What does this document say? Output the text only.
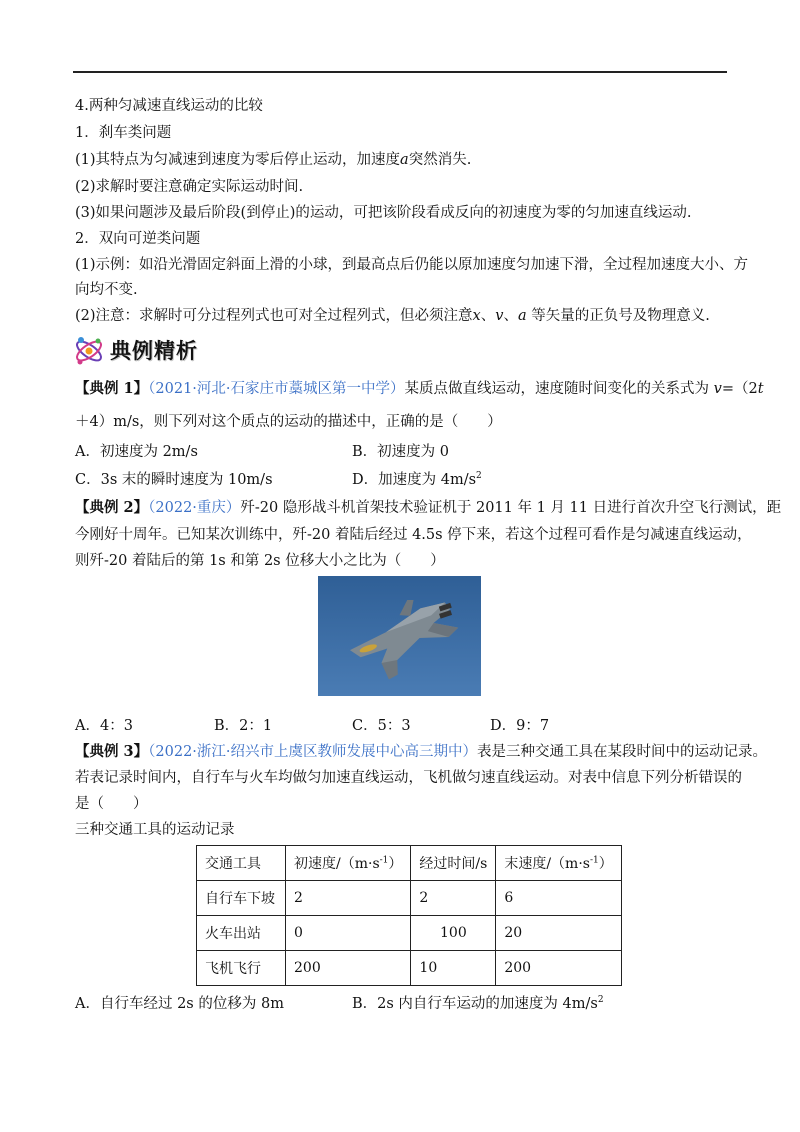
4.两种匀减速直线运动的比较
1．刹车类问题
(1)其特点为匀减速到速度为零后停止运动，加速度a突然消失.
(2)求解时要注意确定实际运动时间.
(3)如果问题涉及最后阶段(到停止)的运动，可把该阶段看成反向的初速度为零的匀加速直线运动.
2．双向可逆类问题
(1)示例：如沿光滑固定斜面上滑的小球，到最高点后仍能以原加速度匀加速下滑，全过程加速度大小、方
向均不变.
(2)注意：求解时可分过程列式也可对全过程列式，但必须注意x、v、a 等矢量的正负号及物理意义.
典例精析
【典例 1】（2021·河北·石家庄市藁城区第一中学）某质点做直线运动，速度随时间变化的关系式为 v=（2t
＋4）m/s，则下列对这个质点的运动的描述中，正确的是（　　）
A．初速度为 2m/s	B．初速度为 0
C．3s 末的瞬时速度为 10m/s	D．加速度为 $4m/s^2$
【典例 2】（2022·重庆）歼-20 隐形战斗机首架技术验证机于 2011 年 1 月 11 日进行首次升空飞行测试，距
今刚好十周年。已知某次训练中，歼-20 着陆后经过 4.5s 停下来，若这个过程可看作是匀减速直线运动，
则歼-20 着陆后的第 1s 和第 2s 位移大小之比为（　　）
A．4：3	B．2：1	C．5：3	D．9：7
【典例 3】（2022·浙江·绍兴市上虞区教师发展中心高三期中）表是三种交通工具在某段时间中的运动记录。
若表记录时间内，自行车与火车均做匀加速直线运动，飞机做匀速直线运动。对表中信息下列分析错误的
是（　　）
三种交通工具的运动记录
交通工具	初速度$/(m\cdot s^{-1})$	经过时间/s	末速度$/(m\cdot s^{-1})$
自行车下坡	2	2	6
火车出站	0	100	20
飞机飞行	200	10	200
A．自行车经过 2s 的位移为 8m	B．2s 内自行车运动的加速度为 $4m/s^2$
